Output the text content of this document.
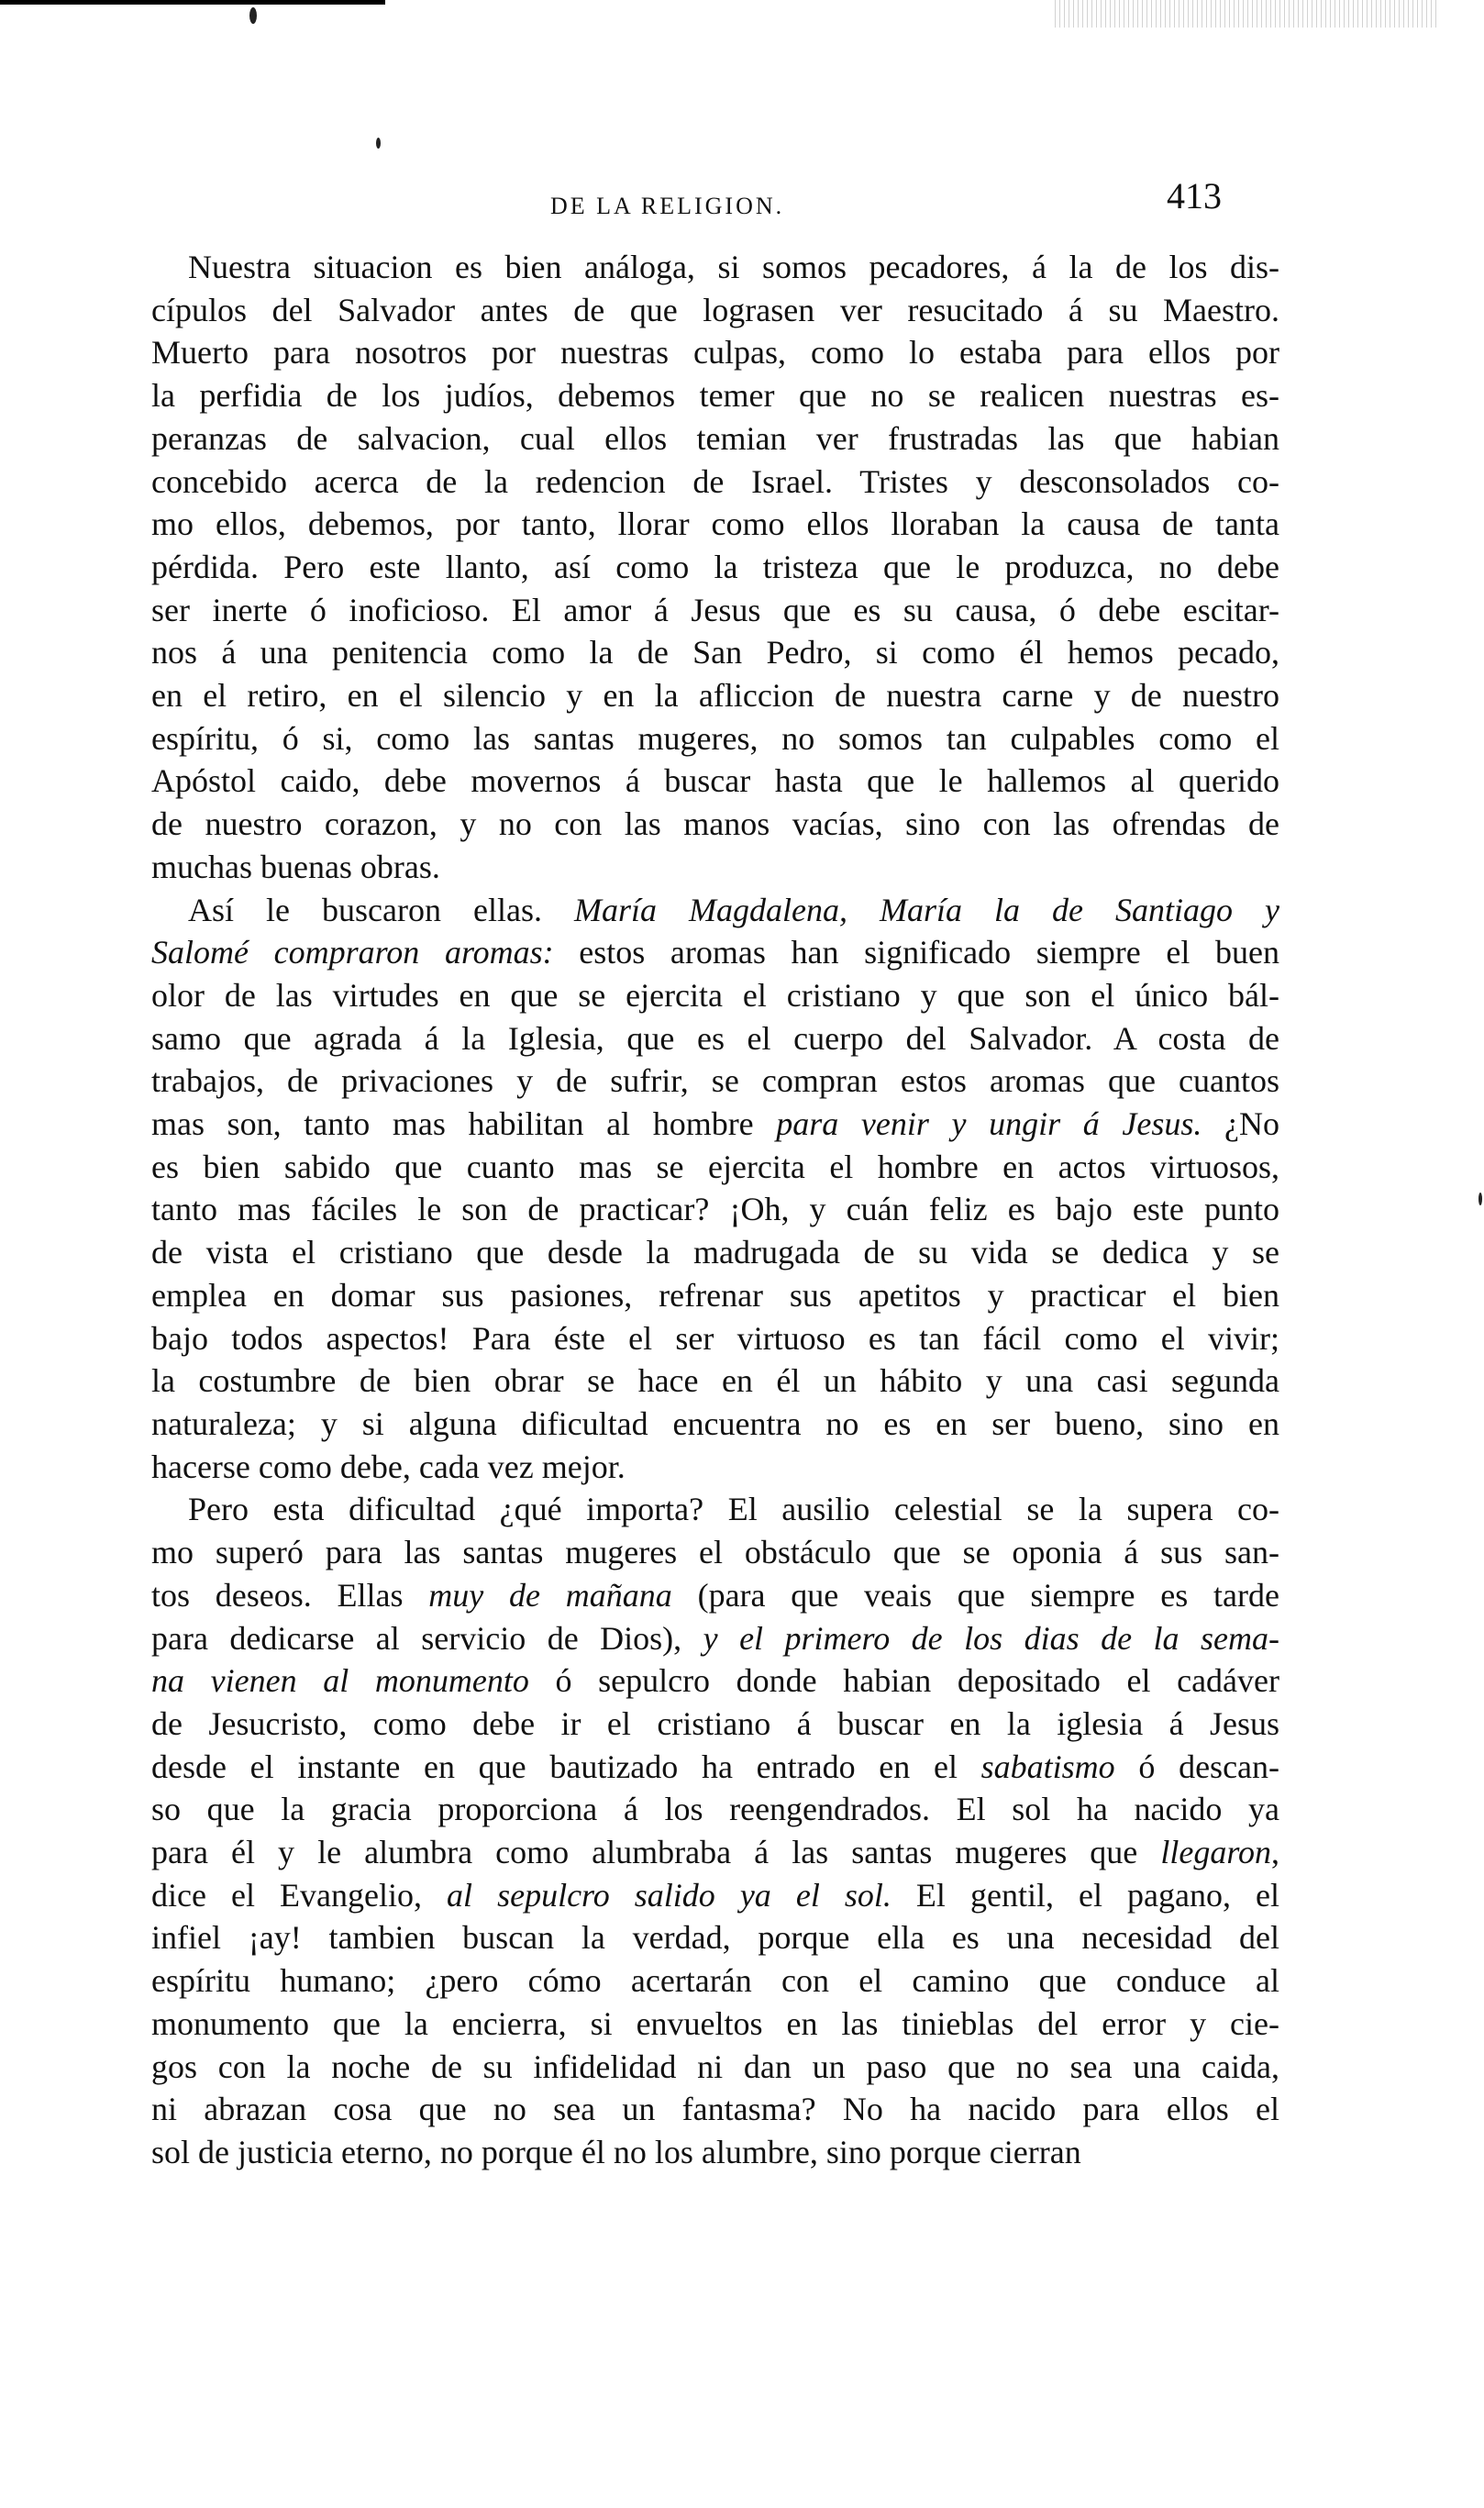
DE LA RELIGION.	413
Nuestra situacion es bien análoga, si somos pecadores, á la de los dis-
cípulos del Salvador antes de que lograsen ver resucitado á su Maestro.
Muerto para nosotros por nuestras culpas, como lo estaba para ellos por
la perfidia de los judíos, debemos temer que no se realicen nuestras es-
peranzas de salvacion, cual ellos temian ver frustradas las que habian
concebido acerca de la redencion de Israel. Tristes y desconsolados co-
mo ellos, debemos, por tanto, llorar como ellos lloraban la causa de tanta
pérdida. Pero este llanto, así como la tristeza que le produzca, no debe
ser inerte ó inoficioso. El amor á Jesus que es su causa, ó debe escitar-
nos á una penitencia como la de San Pedro, si como él hemos pecado,
en el retiro, en el silencio y en la afliccion de nuestra carne y de nuestro
espíritu, ó si, como las santas mugeres, no somos tan culpables como el
Apóstol caido, debe movernos á buscar hasta que le hallemos al querido
de nuestro corazon, y no con las manos vacías, sino con las ofrendas de
muchas buenas obras.
Así le buscaron ellas. María Magdalena, María la de Santiago y
Salomé compraron aromas: estos aromas han significado siempre el buen
olor de las virtudes en que se ejercita el cristiano y que son el único bál-
samo que agrada á la Iglesia, que es el cuerpo del Salvador. A costa de
trabajos, de privaciones y de sufrir, se compran estos aromas que cuantos
mas son, tanto mas habilitan al hombre para venir y ungir á Jesus. ¿No
es bien sabido que cuanto mas se ejercita el hombre en actos virtuosos,
tanto mas fáciles le son de practicar? ¡Oh, y cuán feliz es bajo este punto
de vista el cristiano que desde la madrugada de su vida se dedica y se
emplea en domar sus pasiones, refrenar sus apetitos y practicar el bien
bajo todos aspectos! Para éste el ser virtuoso es tan fácil como el vivir;
la costumbre de bien obrar se hace en él un hábito y una casi segunda
naturaleza; y si alguna dificultad encuentra no es en ser bueno, sino en
hacerse como debe, cada vez mejor.
Pero esta dificultad ¿qué importa? El ausilio celestial se la supera co-
mo superó para las santas mugeres el obstáculo que se oponia á sus san-
tos deseos. Ellas muy de mañana (para que veais que siempre es tarde
para dedicarse al servicio de Dios), y el primero de los dias de la sema-
na vienen al monumento ó sepulcro donde habian depositado el cadáver
de Jesucristo, como debe ir el cristiano á buscar en la iglesia á Jesus
desde el instante en que bautizado ha entrado en el sabatismo ó descan-
so que la gracia proporciona á los reengendrados. El sol ha nacido ya
para él y le alumbra como alumbraba á las santas mugeres que llegaron,
dice el Evangelio, al sepulcro salido ya el sol. El gentil, el pagano, el
infiel ¡ay! tambien buscan la verdad, porque ella es una necesidad del
espíritu humano; ¿pero cómo acertarán con el camino que conduce al
monumento que la encierra, si envueltos en las tinieblas del error y cie-
gos con la noche de su infidelidad ni dan un paso que no sea una caida,
ni abrazan cosa que no sea un fantasma? No ha nacido para ellos el
sol de justicia eterno, no porque él no los alumbre, sino porque cierran
